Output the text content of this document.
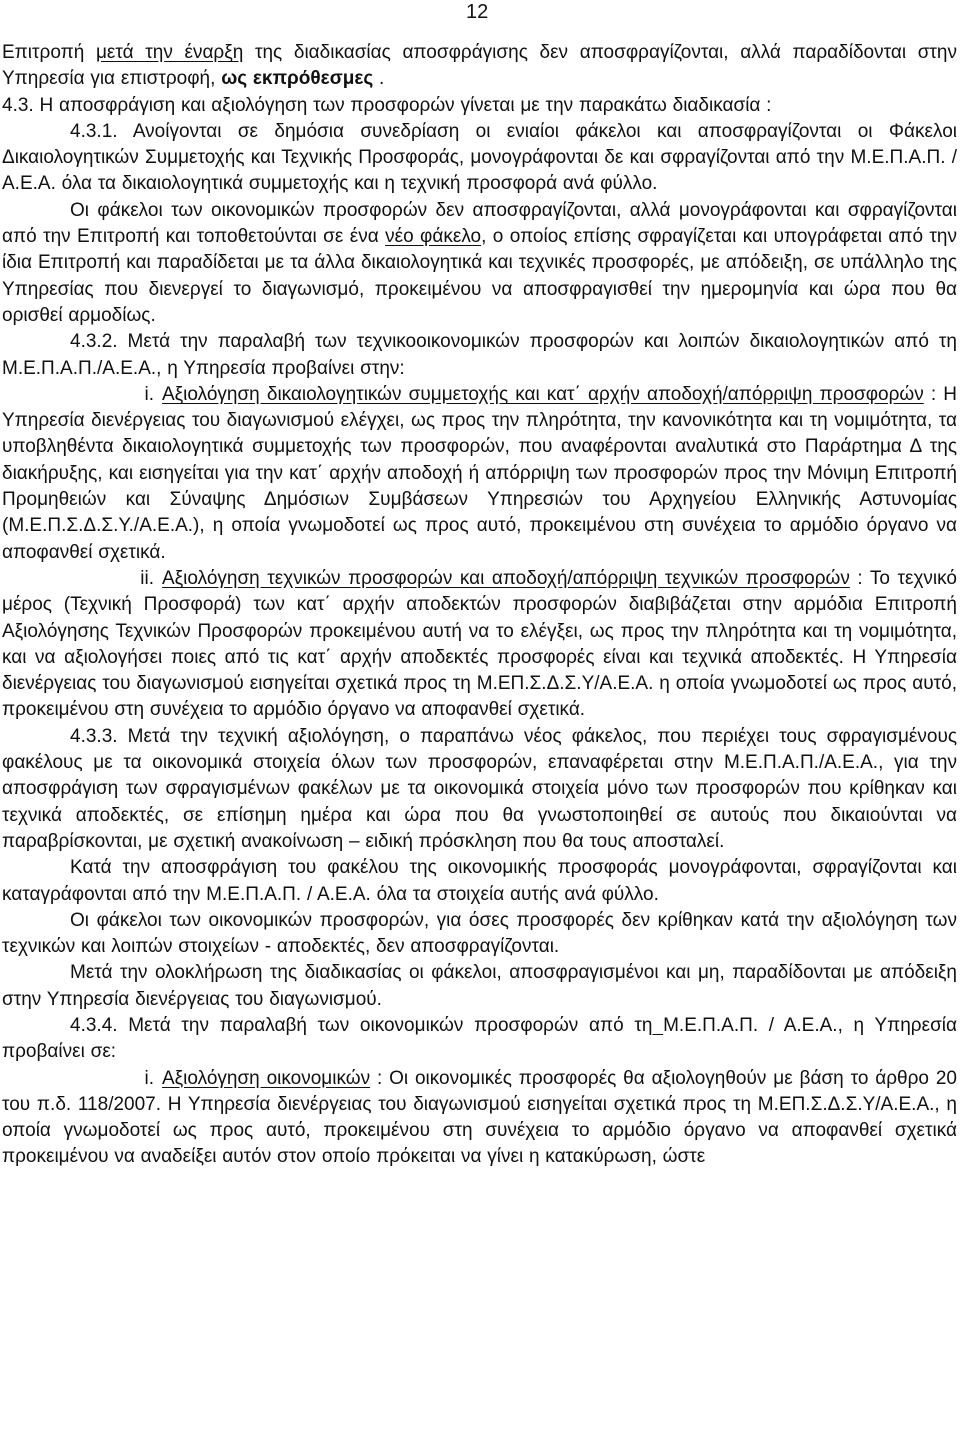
12

Επιτροπή μετά την έναρξη της διαδικασίας αποσφράγισης δεν αποσφραγίζονται, αλλά παραδίδονται στην Υπηρεσία για επιστροφή, ως εκπρόθεσμες .

4.3. Η αποσφράγιση και αξιολόγηση των προσφορών γίνεται με την παρακάτω διαδικασία :

4.3.1. Ανοίγονται σε δημόσια συνεδρίαση οι ενιαίοι φάκελοι και αποσφραγίζονται οι Φάκελοι Δικαιολογητικών Συμμετοχής και Τεχνικής Προσφοράς, μονογράφονται δε και σφραγίζονται από την Μ.Ε.Π.Α.Π. / Α.Ε.Α. όλα τα δικαιολογητικά συμμετοχής και η τεχνική προσφορά ανά φύλλο.

Οι φάκελοι των οικονομικών προσφορών δεν αποσφραγίζονται, αλλά μονογράφονται και σφραγίζονται από την Επιτροπή και τοποθετούνται σε ένα νέο φάκελο, ο οποίος επίσης σφραγίζεται και υπογράφεται από την ίδια Επιτροπή και παραδίδεται με τα άλλα δικαιολογητικά και τεχνικές προσφορές, με απόδειξη, σε υπάλληλο της Υπηρεσίας που διενεργεί το διαγωνισμό, προκειμένου να αποσφραγισθεί την ημερομηνία και ώρα που θα ορισθεί αρμοδίως.

4.3.2. Μετά την παραλαβή των τεχνικοοικονομικών προσφορών και λοιπών δικαιολογητικών από τη Μ.Ε.Π.Α.Π./Α.Ε.Α., η Υπηρεσία προβαίνει στην:

i. Αξιολόγηση δικαιολογητικών συμμετοχής και κατ΄ αρχήν αποδοχή/απόρριψη προσφορών : Η Υπηρεσία διενέργειας του διαγωνισμού ελέγχει, ως προς την πληρότητα, την κανονικότητα και τη νομιμότητα, τα υποβληθέντα δικαιολογητικά συμμετοχής των προσφορών, που αναφέρονται αναλυτικά στο Παράρτημα Δ της διακήρυξης, και εισηγείται για την κατ΄ αρχήν αποδοχή ή απόρριψη των προσφορών προς την Μόνιμη Επιτροπή Προμηθειών και Σύναψης Δημόσιων Συμβάσεων Υπηρεσιών του Αρχηγείου Ελληνικής Αστυνομίας (Μ.Ε.Π.Σ.Δ.Σ.Υ./Α.Ε.Α.), η οποία γνωμοδοτεί ως προς αυτό, προκειμένου στη συνέχεια το αρμόδιο όργανο να αποφανθεί σχετικά.

ii. Αξιολόγηση τεχνικών προσφορών και αποδοχή/απόρριψη τεχνικών προσφορών : Το τεχνικό μέρος (Τεχνική Προσφορά) των κατ΄ αρχήν αποδεκτών προσφορών διαβιβάζεται στην αρμόδια Επιτροπή Αξιολόγησης Τεχνικών Προσφορών προκειμένου αυτή να το ελέγξει, ως προς την πληρότητα και τη νομιμότητα, και να αξιολογήσει ποιες από τις κατ΄ αρχήν αποδεκτές προσφορές είναι και τεχνικά αποδεκτές. Η Υπηρεσία διενέργειας του διαγωνισμού εισηγείται σχετικά προς τη Μ.ΕΠ.Σ.Δ.Σ.Υ/Α.Ε.Α. η οποία γνωμοδοτεί ως προς αυτό, προκειμένου στη συνέχεια το αρμόδιο όργανο να αποφανθεί σχετικά.

4.3.3. Μετά την τεχνική αξιολόγηση, ο παραπάνω νέος φάκελος, που περιέχει τους σφραγισμένους φακέλους με τα οικονομικά στοιχεία όλων των προσφορών, επαναφέρεται στην Μ.Ε.Π.Α.Π./Α.Ε.Α., για την αποσφράγιση των σφραγισμένων φακέλων με τα οικονομικά στοιχεία μόνο των προσφορών που κρίθηκαν και τεχνικά αποδεκτές, σε επίσημη ημέρα και ώρα που θα γνωστοποιηθεί σε αυτούς που δικαιούνται να παραβρίσκονται, με σχετική ανακοίνωση – ειδική πρόσκληση που θα τους αποσταλεί.

Κατά την αποσφράγιση του φακέλου της οικονομικής προσφοράς μονογράφονται, σφραγίζονται και καταγράφονται από την Μ.Ε.Π.Α.Π. / Α.Ε.Α. όλα τα στοιχεία αυτής ανά φύλλο.

Οι φάκελοι των οικονομικών προσφορών, για όσες προσφορές δεν κρίθηκαν κατά την αξιολόγηση των τεχνικών και λοιπών στοιχείων - αποδεκτές, δεν αποσφραγίζονται.

Μετά την ολοκλήρωση της διαδικασίας οι φάκελοι, αποσφραγισμένοι και μη, παραδίδονται με απόδειξη στην Υπηρεσία διενέργειας του διαγωνισμού.

4.3.4. Μετά την παραλαβή των οικονομικών προσφορών από τη Μ.Ε.Π.Α.Π. / Α.Ε.Α., η Υπηρεσία προβαίνει σε:

i. Αξιολόγηση οικονομικών : Οι οικονομικές προσφορές θα αξιολογηθούν με βάση το άρθρο 20 του π.δ. 118/2007. Η Υπηρεσία διενέργειας του διαγωνισμού εισηγείται σχετικά προς τη Μ.ΕΠ.Σ.Δ.Σ.Υ/Α.Ε.Α., η οποία γνωμοδοτεί ως προς αυτό, προκειμένου στη συνέχεια το αρμόδιο όργανο να αποφανθεί σχετικά προκειμένου να αναδείξει αυτόν στον οποίο πρόκειται να γίνει η κατακύρωση, ώστε
